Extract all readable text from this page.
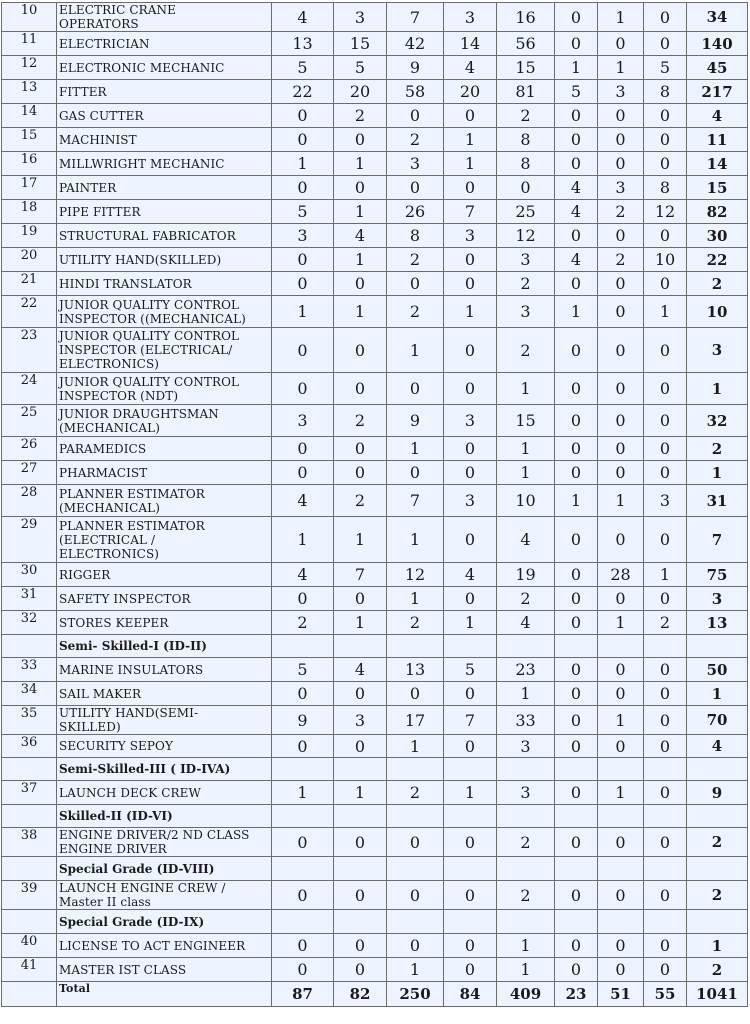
10	ELECTRIC CRANE
OPERATORS	4	3	7	3	16	0	1	0	34
11	ELECTRICIAN	13	15	42	14	56	0	0	0	140
12	ELECTRONIC MECHANIC	5	5	9	4	15	1	1	5	45
13	FITTER	22	20	58	20	81	5	3	8	217
14	GAS CUTTER	0	2	0	0	2	0	0	0	4
15	MACHINIST	0	0	2	1	8	0	0	0	11
16	MILLWRIGHT MECHANIC	1	1	3	1	8	0	0	0	14
17	PAINTER	0	0	0	0	0	4	3	8	15
18	PIPE FITTER	5	1	26	7	25	4	2	12	82
19	STRUCTURAL FABRICATOR	3	4	8	3	12	0	0	0	30
20	UTILITY HAND(SKILLED)	0	1	2	0	3	4	2	10	22
21	HINDI TRANSLATOR	0	0	0	0	2	0	0	0	2
22	JUNIOR QUALITY CONTROL
INSPECTOR ((MECHANICAL)	1	1	2	1	3	1	0	1	10
23	JUNIOR QUALITY CONTROL
INSPECTOR (ELECTRICAL/
ELECTRONICS)	0	0	1	0	2	0	0	0	3
24	JUNIOR QUALITY CONTROL
INSPECTOR (NDT)	0	0	0	0	1	0	0	0	1
25	JUNIOR DRAUGHTSMAN
(MECHANICAL)	3	2	9	3	15	0	0	0	32
26	PARAMEDICS	0	0	1	0	1	0	0	0	2
27	PHARMACIST	0	0	0	0	1	0	0	0	1
28	PLANNER ESTIMATOR
(MECHANICAL)	4	2	7	3	10	1	1	3	31
29	PLANNER ESTIMATOR
(ELECTRICAL /
ELECTRONICS)	1	1	1	0	4	0	0	0	7
30	RIGGER	4	7	12	4	19	0	28	1	75
31	SAFETY INSPECTOR	0	0	1	0	2	0	0	0	3
32	STORES KEEPER	2	1	2	1	4	0	1	2	13
	Semi- Skilled-I (ID-II)									
33	MARINE INSULATORS	5	4	13	5	23	0	0	0	50
34	SAIL MAKER	0	0	0	0	1	0	0	0	1
35	UTILITY HAND(SEMI-
SKILLED)	9	3	17	7	33	0	1	0	70
36	SECURITY SEPOY	0	0	1	0	3	0	0	0	4
	Semi-Skilled-III ( ID-IVA)									
37	LAUNCH DECK CREW	1	1	2	1	3	0	1	0	9
	Skilled-II (ID-VI)									
38	ENGINE DRIVER/2 ND CLASS
ENGINE DRIVER	0	0	0	0	2	0	0	0	2
	Special Grade (ID-VIII)									
39	LAUNCH ENGINE CREW /
Master II class	0	0	0	0	2	0	0	0	2
	Special Grade (ID-IX)									
40	LICENSE TO ACT ENGINEER	0	0	0	0	1	0	0	0	1
41	MASTER IST CLASS	0	0	1	0	1	0	0	0	2
	Total	87	82	250	84	409	23	51	55	1041
